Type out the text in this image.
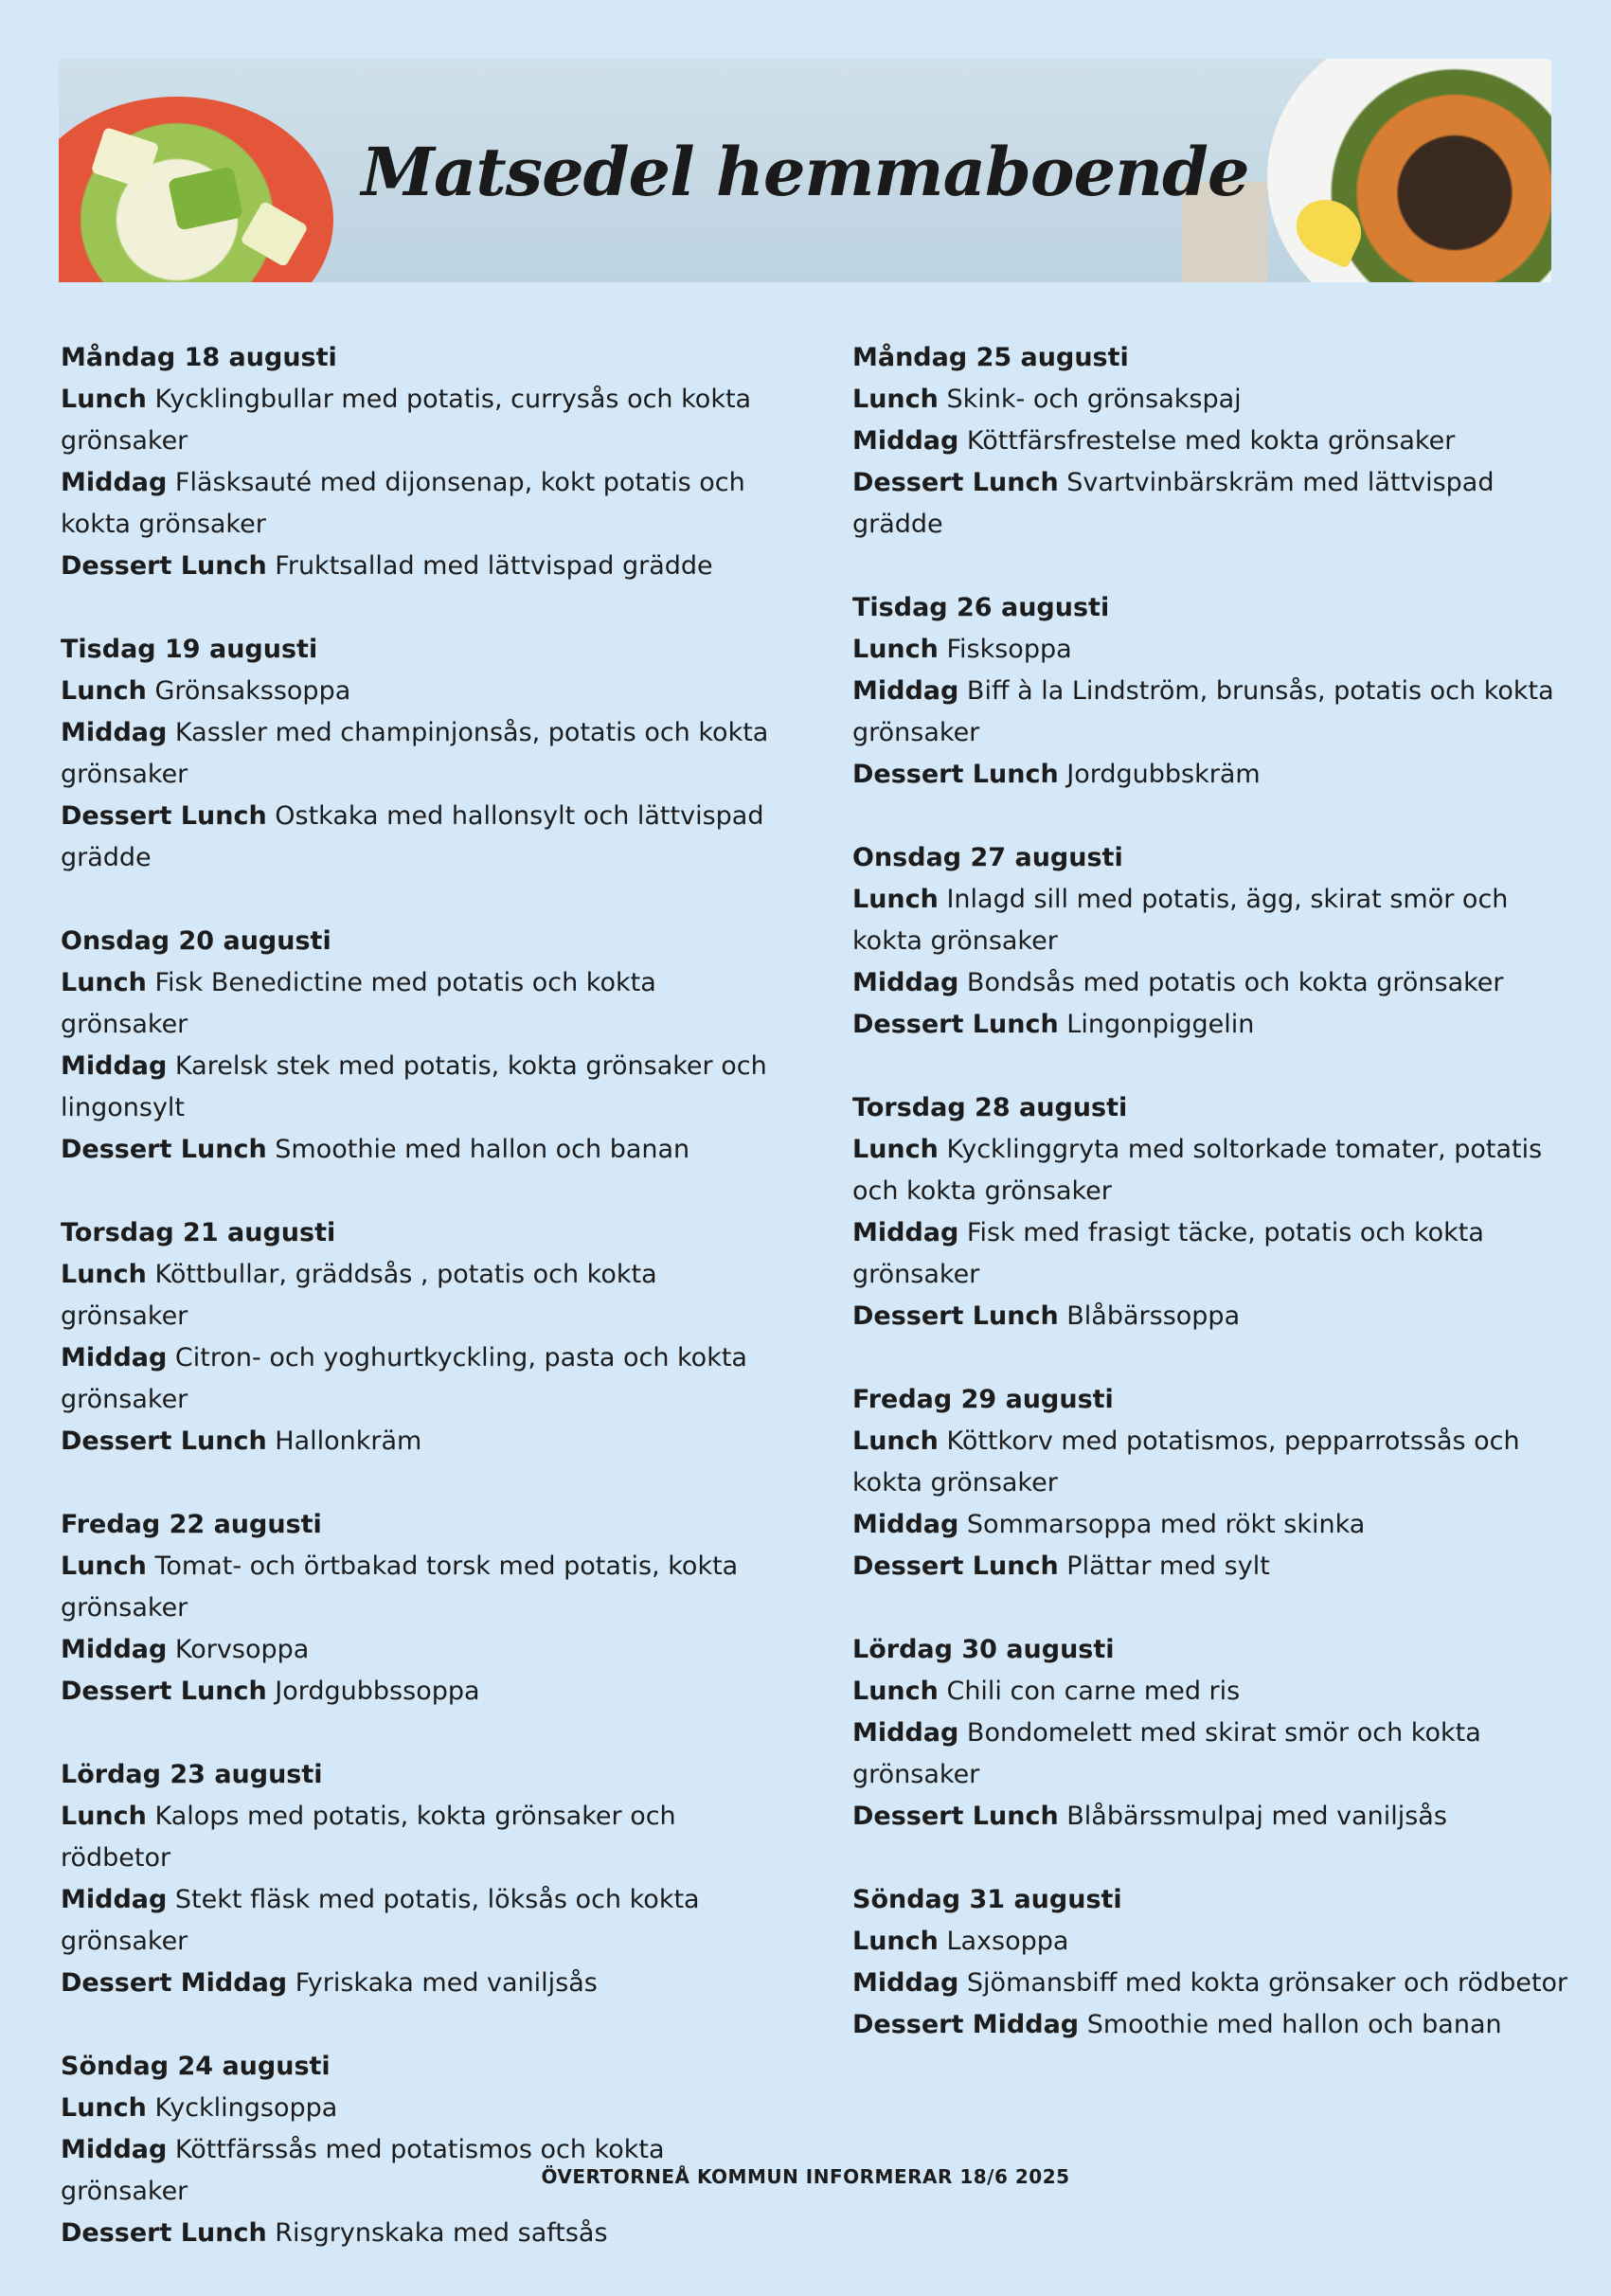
Matsedel hemmaboende
Måndag 18 augusti
Lunch Kycklingbullar med potatis, currysås och kokta grönsaker
Middag Fläsksauté med dijonsenap, kokt potatis och kokta grönsaker
Dessert Lunch Fruktsallad med lättvispad grädde
Tisdag 19 augusti
Lunch Grönsakssoppa
Middag Kassler med champinjonsås, potatis och kokta grönsaker
Dessert Lunch Ostkaka med hallonsylt och lättvispad grädde
Onsdag 20 augusti
Lunch Fisk Benedictine med potatis och kokta grönsaker
Middag Karelsk stek med potatis, kokta grönsaker och lingonsylt
Dessert Lunch Smoothie med hallon och banan
Torsdag 21 augusti
Lunch Köttbullar, gräddsås , potatis och kokta grönsaker
Middag Citron- och yoghurtkyckling, pasta och kokta grönsaker
Dessert Lunch Hallonkräm
Fredag 22 augusti
Lunch Tomat- och örtbakad torsk med potatis, kokta grönsaker
Middag Korvsoppa
Dessert Lunch Jordgubbssoppa
Lördag 23 augusti
Lunch Kalops med potatis, kokta grönsaker och rödbetor
Middag Stekt fläsk med potatis, löksås och kokta grönsaker
Dessert Middag Fyriskaka med vaniljsås
Söndag 24 augusti
Lunch Kycklingsoppa
Middag Köttfärssås med potatismos och kokta grönsaker
Dessert Lunch Risgrynskaka med saftsås
Måndag 25 augusti
Lunch Skink- och grönsakspaj
Middag Köttfärsfrestelse med kokta grönsaker
Dessert Lunch Svartvinbärskräm med lättvispad grädde
Tisdag 26 augusti
Lunch Fisksoppa
Middag Biff à la Lindström, brunsås, potatis och kokta grönsaker
Dessert Lunch Jordgubbskräm
Onsdag 27 augusti
Lunch Inlagd sill med potatis, ägg, skirat smör och kokta grönsaker
Middag Bondsås med potatis och kokta grönsaker
Dessert Lunch Lingonpiggelin
Torsdag 28 augusti
Lunch Kycklinggryta med soltorkade tomater, potatis och kokta grönsaker
Middag Fisk med frasigt täcke, potatis och kokta grönsaker
Dessert Lunch Blåbärssoppa
Fredag 29 augusti
Lunch Köttkorv med potatismos, pepparrotssås och kokta grönsaker
Middag Sommarsoppa med rökt skinka
Dessert Lunch Plättar med sylt
Lördag 30 augusti
Lunch Chili con carne med ris
Middag Bondomelett med skirat smör och kokta grönsaker
Dessert Lunch Blåbärssmulpaj med vaniljsås
Söndag 31 augusti
Lunch Laxsoppa
Middag Sjömansbiff med kokta grönsaker och rödbetor
Dessert Middag Smoothie med hallon och banan
ÖVERTORNEÅ KOMMUN INFORMERAR 18/6 2025
